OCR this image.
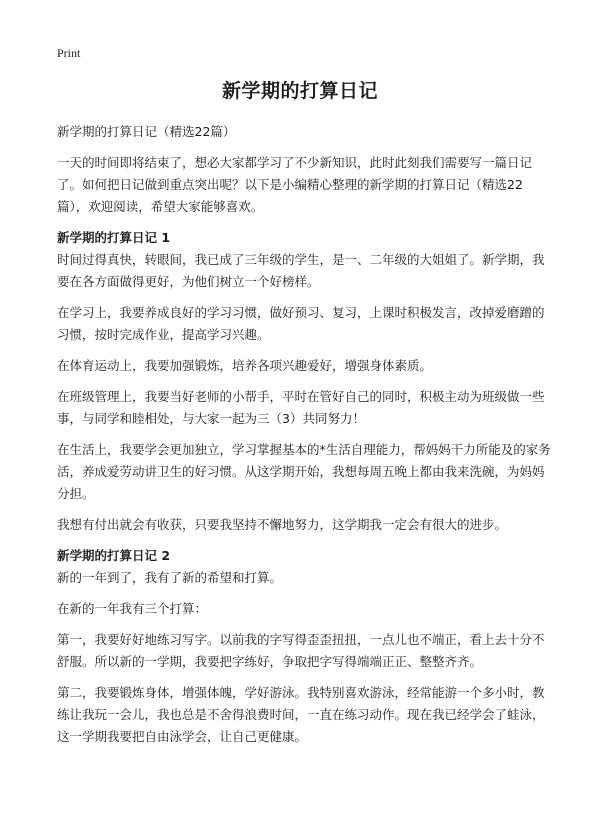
Print
新学期的打算日记

新学期的打算日记（精选22篇）

一天的时间即将结束了，想必大家都学习了不少新知识，此时此刻我们需要写一篇日记了。如何把日记做到重点突出呢？以下是小编精心整理的新学期的打算日记（精选22篇），欢迎阅读，希望大家能够喜欢。

新学期的打算日记 1

时间过得真快，转眼间，我已成了三年级的学生，是一、二年级的大姐姐了。新学期，我要在各方面做得更好，为他们树立一个好榜样。

在学习上，我要养成良好的学习习惯，做好预习、复习，上课时积极发言，改掉爱磨蹭的习惯，按时完成作业，提高学习兴趣。

在体育运动上，我要加强锻炼，培养各项兴趣爱好，增强身体素质。

在班级管理上，我要当好老师的小帮手，平时在管好自己的同时，积极主动为班级做一些事，与同学和睦相处，与大家一起为三（3）共同努力！

在生活上，我要学会更加独立，学习掌握基本的*生活自理能力，帮妈妈干力所能及的家务活，养成爱劳动讲卫生的好习惯。从这学期开始，我想每周五晚上都由我来洗碗，为妈妈分担。

我想有付出就会有收获，只要我坚持不懈地努力，这学期我一定会有很大的进步。

新学期的打算日记 2

新的一年到了，我有了新的希望和打算。

在新的一年我有三个打算：

第一，我要好好地练习写字。以前我的字写得歪歪扭扭，一点儿也不端正，看上去十分不舒服。所以新的一学期，我要把字练好，争取把字写得端端正正、整整齐齐。

第二，我要锻炼身体，增强体魄，学好游泳。我特别喜欢游泳，经常能游一个多小时，教练让我玩一会儿，我也总是不舍得浪费时间，一直在练习动作。现在我已经学会了蛙泳，这一学期我要把自由泳学会，让自己更健康。
